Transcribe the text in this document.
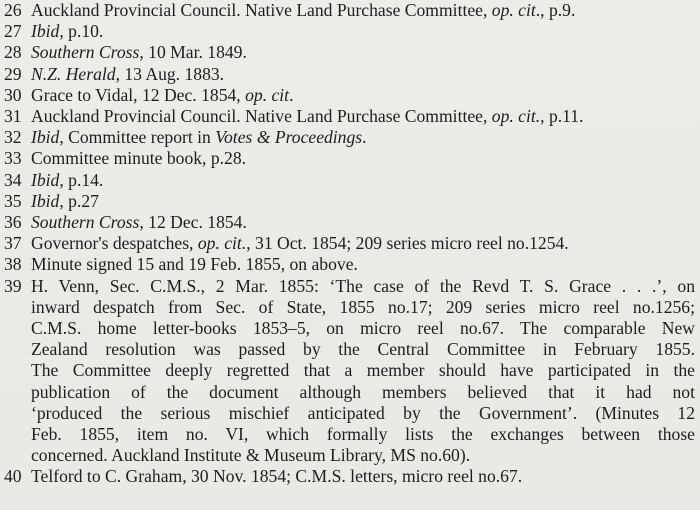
26 Auckland Provincial Council. Native Land Purchase Committee, op. cit., p.9.
27 Ibid, p.10.
28 Southern Cross, 10 Mar. 1849.
29 N.Z. Herald, 13 Aug. 1883.
30 Grace to Vidal, 12 Dec. 1854, op. cit.
31 Auckland Provincial Council. Native Land Purchase Committee, op. cit., p.11.
32 Ibid, Committee report in Votes & Proceedings.
33 Committee minute book, p.28.
34 Ibid, p.14.
35 Ibid, p.27
36 Southern Cross, 12 Dec. 1854.
37 Governor's despatches, op. cit., 31 Oct. 1854; 209 series micro reel no.1254.
38 Minute signed 15 and 19 Feb. 1855, on above.
39 H. Venn, Sec. C.M.S., 2 Mar. 1855: ‘The case of the Revd T. S. Grace . . .’, on
inward despatch from Sec. of State, 1855 no.17; 209 series micro reel no.1256;
C.M.S. home letter-books 1853–5, on micro reel no.67. The comparable New
Zealand resolution was passed by the Central Committee in February 1855.
The Committee deeply regretted that a member should have participated in the
publication of the document although members believed that it had not
‘produced the serious mischief anticipated by the Government’. (Minutes 12
Feb. 1855, item no. VI, which formally lists the exchanges between those
concerned. Auckland Institute & Museum Library, MS no.60).
40 Telford to C. Graham, 30 Nov. 1854; C.M.S. letters, micro reel no.67.
